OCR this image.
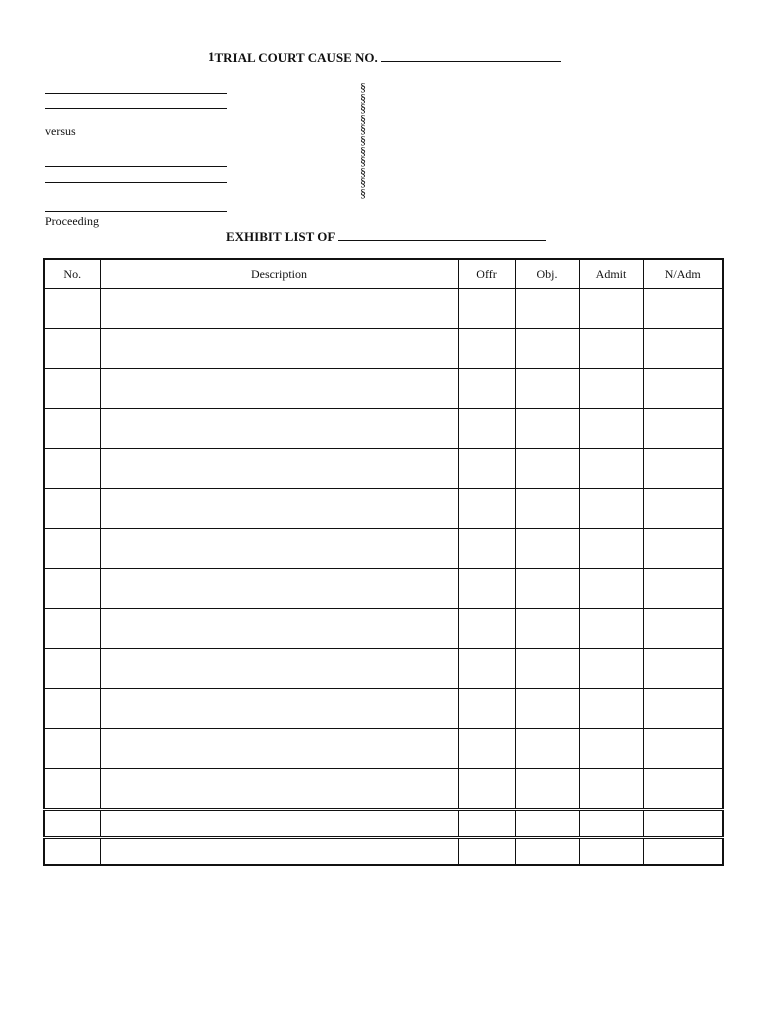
1TRIAL COURT CAUSE NO.
versus
Proceeding
§
§
§
§
§
§
§
§
§
§
§
EXHIBIT LIST OF
No.	Description	Offr	Obj.	Admit	N/Adm
